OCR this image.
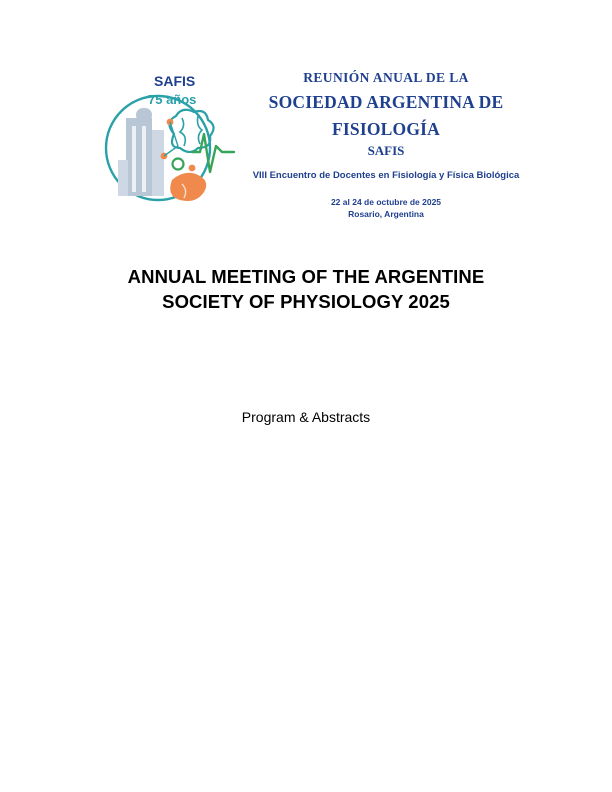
SAFIS
75 años
REUNIÓN ANUAL DE LA
SOCIEDAD ARGENTINA DE
FISIOLOGÍA
SAFIS
VIII Encuentro de Docentes en Fisiología y Física Biológica
22 al 24 de octubre de 2025
Rosario, Argentina
ANNUAL MEETING OF THE ARGENTINE
SOCIETY OF PHYSIOLOGY 2025
Program & Abstracts
